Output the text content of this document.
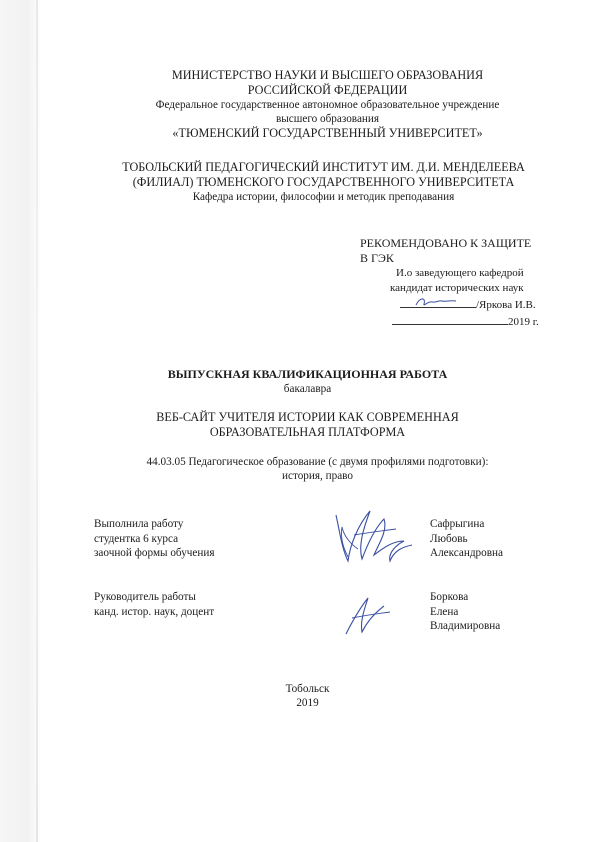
МИНИСТЕРСТВО НАУКИ И ВЫСШЕГО ОБРАЗОВАНИЯ
РОССИЙСКОЙ ФЕДЕРАЦИИ
Федеральное государственное автономное образовательное учреждение
высшего образования
«ТЮМЕНСКИЙ ГОСУДАРСТВЕННЫЙ УНИВЕРСИТЕТ»
ТОБОЛЬСКИЙ ПЕДАГОГИЧЕСКИЙ ИНСТИТУТ ИМ. Д.И. МЕНДЕЛЕЕВА
(ФИЛИАЛ) ТЮМЕНСКОГО ГОСУДАРСТВЕННОГО УНИВЕРСИТЕТА
Кафедра истории, философии и методик преподавания
РЕКОМЕНДОВАНО К ЗАЩИТЕ
В ГЭК
И.о заведующего кафедрой
кандидат исторических наук
/Яркова И.В.
2019 г.
ВЫПУСКНАЯ КВАЛИФИКАЦИОННАЯ РАБОТА
бакалавра
ВЕБ-САЙТ УЧИТЕЛЯ ИСТОРИИ КАК СОВРЕМЕННАЯ
ОБРАЗОВАТЕЛЬНАЯ ПЛАТФОРМА
44.03.05 Педагогическое образование (с двумя профилями подготовки):
история, право
Выполнила работу
студентка 6 курса
заочной формы обучения
Сафрыгина
Любовь
Александровна
Руководитель работы
канд. истор. наук, доцент
Боркова
Елена
Владимировна
Тобольск
2019
